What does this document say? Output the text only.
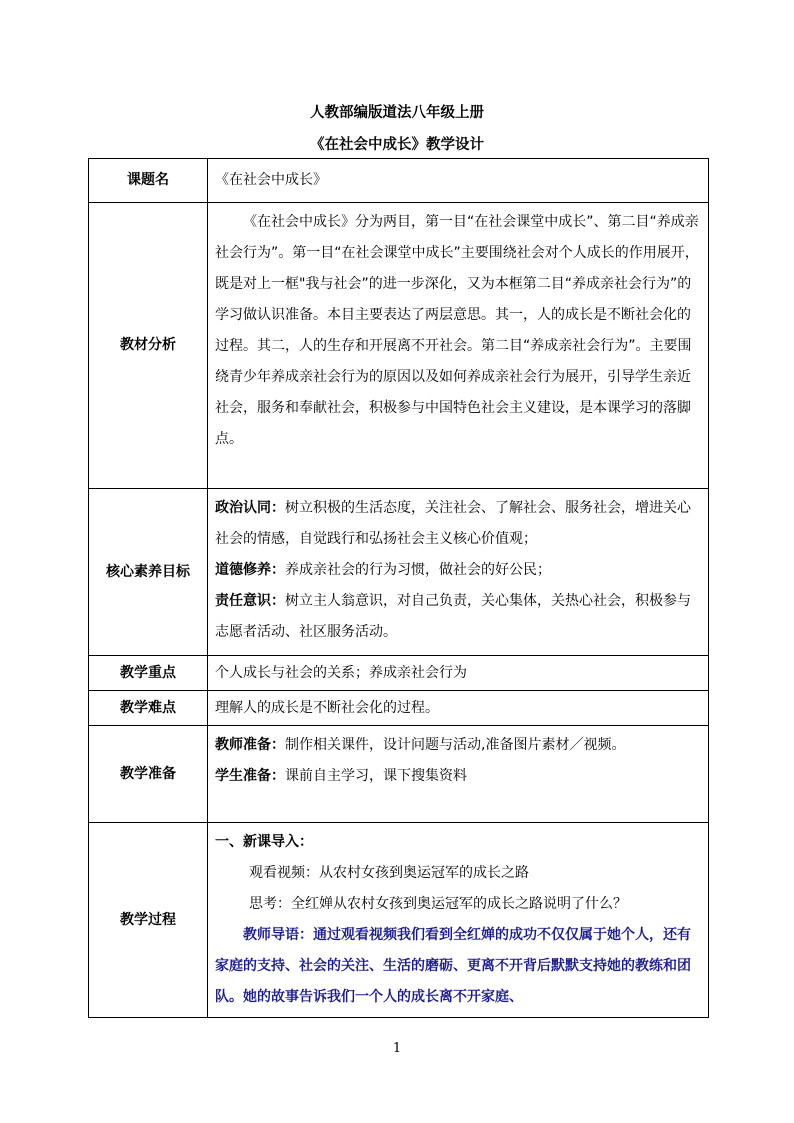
人教部编版道法八年级上册
《在社会中成长》教学设计
课题名	《在社会中成长》
教材分析	《在社会中成长》分为两目，第一目“在社会课堂中成长”、第二目“养成亲社会行为”。第一目“在社会课堂中成长”主要围绕社会对个人成长的作用展开，既是对上一框"我与社会”的进一步深化，又为本框第二目“养成亲社会行为”的学习做认识准备。本目主要表达了两层意思。其一，人的成长是不断社会化的过程。其二，人的生存和开展离不开社会。第二目“养成亲社会行为”。主要围绕青少年养成亲社会行为的原因以及如何养成亲社会行为展开，引导学生亲近社会，服务和奉献社会，积极参与中国特色社会主义建设，是本课学习的落脚点。

核心素养目标	政治认同：树立积极的生活态度，关注社会、了解社会、服务社会，增进关心社会的情感，自觉践行和弘扬社会主义核心价值观；
道德修养：养成亲社会的行为习惯，做社会的好公民；
责任意识：树立主人翁意识，对自己负责，关心集体，关热心社会，积极参与志愿者活动、社区服务活动。

教学重点	个人成长与社会的关系；养成亲社会行为
教学难点	理解人的成长是不断社会化的过程。
教学准备	教师准备：制作相关课件，设计问题与活动,准备图片素材／视频。
学生准备：课前自主学习，课下搜集资料

教学过程	一、新课导入：
观看视频：从农村女孩到奥运冠军的成长之路
思考：全红婵从农村女孩到奥运冠军的成长之路说明了什么？
教师导语：通过观看视频我们看到全红婵的成功不仅仅属于她个人，还有家庭的支持、社会的关注、生活的磨砺、更离不开背后默默支持她的教练和团队。她的故事告诉我们一个人的成长离不开家庭、
1
